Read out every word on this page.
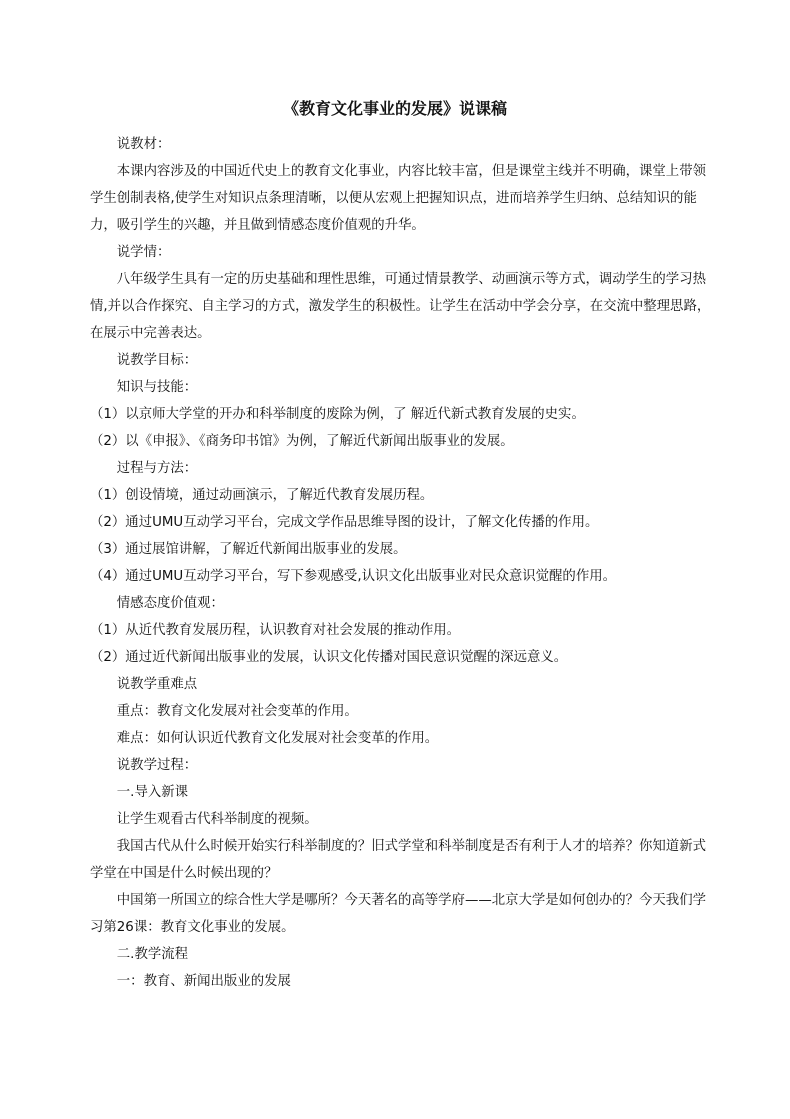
《教育文化事业的发展》说课稿

说教材：

本课内容涉及的中国近代史上的教育文化事业，内容比较丰富，但是课堂主线并不明确，课堂上带领学生创制表格,使学生对知识点条理清晰，以便从宏观上把握知识点，进而培养学生归纳、总结知识的能力，吸引学生的兴趣，并且做到情感态度价值观的升华。

说学情：

八年级学生具有一定的历史基础和理性思维，可通过情景教学、动画演示等方式，调动学生的学习热情,并以合作探究、自主学习的方式，激发学生的积极性。让学生在活动中学会分享，在交流中整理思路，在展示中完善表达。

说教学目标：

知识与技能：

（1）以京师大学堂的开办和科举制度的废除为例，了 解近代新式教育发展的史实。

（2）以《申报》、《商务印书馆》为例，了解近代新闻出版事业的发展。

过程与方法：

（1）创设情境，通过动画演示，了解近代教育发展历程。

（2）通过UMU互动学习平台，完成文学作品思维导图的设计，了解文化传播的作用。

（3）通过展馆讲解，了解近代新闻出版事业的发展。

（4）通过UMU互动学习平台，写下参观感受,认识文化出版事业对民众意识觉醒的作用。

情感态度价值观：

（1）从近代教育发展历程，认识教育对社会发展的推动作用。

（2）通过近代新闻出版事业的发展，认识文化传播对国民意识觉醒的深远意义。

说教学重难点

重点：教育文化发展对社会变革的作用。

难点：如何认识近代教育文化发展对社会变革的作用。

说教学过程：

一.导入新课

让学生观看古代科举制度的视频。

我国古代从什么时候开始实行科举制度的？旧式学堂和科举制度是否有利于人才的培养？你知道新式学堂在中国是什么时候出现的？

中国第一所国立的综合性大学是哪所？今天著名的高等学府——北京大学是如何创办的？今天我们学习第26课：教育文化事业的发展。

二.教学流程

一：教育、新闻出版业的发展
